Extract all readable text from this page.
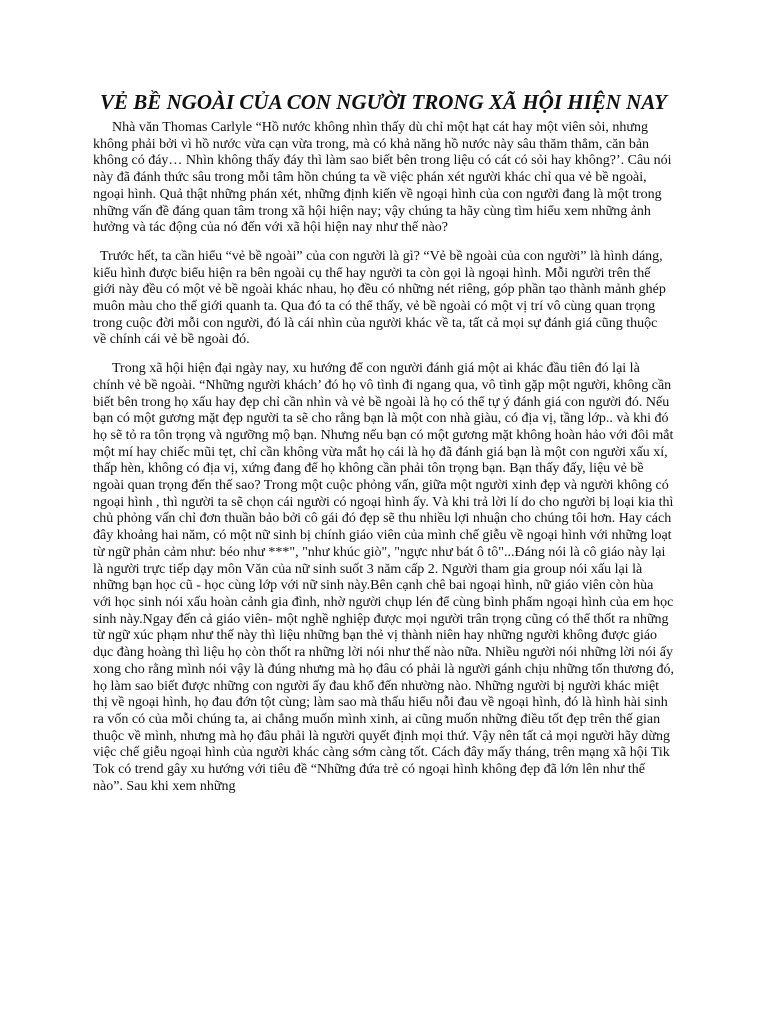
VẺ BỀ NGOÀI CỦA CON NGƯỜI TRONG XÃ HỘI HIỆN NAY

Nhà văn Thomas Carlyle “Hồ nước không nhìn thấy dù chỉ một hạt cát hay một viên sỏi, nhưng không phải bởi vì hồ nước vừa cạn vừa trong, mà có khả năng hồ nước này sâu thăm thẳm, căn bản không có đáy… Nhìn không thấy đáy thì làm sao biết bên trong liệu có cát có sỏi hay không?’. Câu nói này đã đánh thức sâu trong mỗi tâm hồn chúng ta về việc phán xét người khác chỉ qua vẻ bề ngoài, ngoại hình. Quả thật những phán xét, những định kiến về ngoại hình của con người đang là một trong những vấn đề đáng quan tâm trong xã hội hiện nay; vậy chúng ta hãy cùng tìm hiểu xem những ảnh hưởng và tác động của nó đến với xã hội hiện nay như thế nào?

Trước hết, ta cần hiểu “vẻ bề ngoài” của con người là gì? “Vẻ bề ngoài của con người” là hình dáng, kiểu hình được biểu hiện ra bên ngoài cụ thể hay người ta còn gọi là ngoại hình. Mỗi người trên thế giới này đều có một vẻ bề ngoài khác nhau, họ đều có những nét riêng, góp phần tạo thành mảnh ghép muôn màu cho thế giới quanh ta. Qua đó ta có thể thấy, vẻ bề ngoài có một vị trí vô cùng quan trọng trong cuộc đời mỗi con người, đó là cái nhìn của người khác về ta, tất cả mọi sự đánh giá cũng thuộc về chính cái vẻ bề ngoài đó.

Trong xã hội hiện đại ngày nay, xu hướng để con người đánh giá một ai khác đầu tiên đó lại là chính vẻ bề ngoài. “Những người khách’ đó họ vô tình đi ngang qua, vô tình gặp một người, không cần biết bên trong họ xấu hay đẹp chỉ cần nhìn và vẻ bề ngoài là họ có thể tự ý đánh giá con người đó. Nếu bạn có một gương mặt đẹp người ta sẽ cho rằng bạn là một con nhà giàu, có địa vị, tầng lớp.. và khi đó họ sẽ tỏ ra tôn trọng và ngưỡng mộ bạn. Nhưng nếu bạn có một gương mặt không hoàn hảo với đôi mắt một mí hay chiếc mũi tẹt, chỉ cần không vừa mắt họ cái là họ đã đánh giá bạn là một con người xấu xí, thấp hèn, không có địa vị, xứng đang để họ không cần phải tôn trọng bạn. Bạn thấy đấy, liệu vẻ bề ngoài quan trọng đến thế sao? Trong một cuộc phỏng vấn, giữa một người xinh đẹp và người không có ngoại hình , thì người ta sẽ chọn cái người có ngoại hình ấy. Và khi trả lời lí do cho người bị loại kia thì chủ phỏng vấn chỉ đơn thuần bảo bởi cô gái đó đẹp sẽ thu nhiều lợi nhuận cho chúng tôi hơn. Hay cách đây khoảng hai năm, có một nữ sinh bị chính giáo viên của mình chế giễu về ngoại hình với những loạt từ ngữ phản cảm như: béo như ***", "như khúc giò", "ngực như bát ô tô"...Đáng nói là cô giáo này lại là người trực tiếp dạy môn Văn của nữ sinh suốt 3 năm cấp 2. Người tham gia group nói xấu lại là những bạn học cũ - học cùng lớp với nữ sinh này.Bên cạnh chê bai ngoại hình, nữ giáo viên còn hùa với học sinh nói xấu hoàn cảnh gia đình, nhờ người chụp lén để cùng bình phẩm ngoại hình của em học sinh này.Ngay đến cả giáo viên- một nghề nghiệp được mọi người trân trọng cũng có thể thốt ra những từ ngữ xúc phạm như thế này thì liệu những bạn thẻ vị thành niên hay những người không được giáo dục đàng hoàng thì liệu họ còn thốt ra những lời nói như thế nào nữa. Nhiều người nói những lời nói ấy xong cho rằng mình nói vậy là đúng nhưng mà họ đâu có phải là người gánh chịu những tổn thương đó, họ làm sao biết được những con người ấy đau khổ đến nhường nào. Những người bị người khác miệt thị về ngoại hình, họ đau đớn tột cùng; làm sao mà thấu hiểu nỗi đau về ngoại hình, đó là hình hài sinh ra vốn có của mỗi chúng ta, ai chẳng muốn mình xinh, ai cũng muốn những điều tốt đẹp trên thế gian thuộc về mình, nhưng mà họ đâu phải là người quyết định mọi thứ. Vậy nên tất cả mọi người hãy dừng việc chế giễu ngoại hình của người khác càng sớm càng tốt. Cách đây mấy tháng, trên mạng xã hội Tik Tok có trend gây xu hướng với tiêu đề “Những đứa trẻ có ngoại hình không đẹp đã lớn lên như thế nào”. Sau khi xem những
